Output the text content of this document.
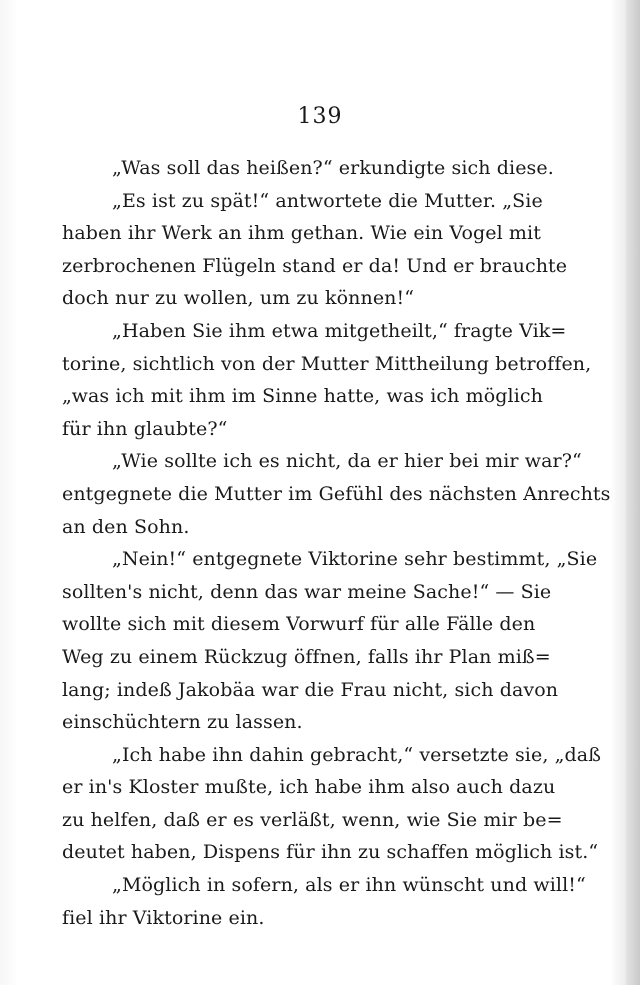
139
„Was soll das heißen?“ erkundigte sich diese.
„Es ist zu spät!“ antwortete die Mutter. „Sie
haben ihr Werk an ihm gethan. Wie ein Vogel mit
zerbrochenen Flügeln stand er da! Und er brauchte
doch nur zu wollen, um zu können!“
„Haben Sie ihm etwa mitgetheilt,“ fragte Vik=
torine, sichtlich von der Mutter Mittheilung betroffen,
„was ich mit ihm im Sinne hatte, was ich möglich
für ihn glaubte?“
„Wie sollte ich es nicht, da er hier bei mir war?“
entgegnete die Mutter im Gefühl des nächsten Anrechts
an den Sohn.
„Nein!“ entgegnete Viktorine sehr bestimmt, „Sie
sollten's nicht, denn das war meine Sache!“ — Sie
wollte sich mit diesem Vorwurf für alle Fälle den
Weg zu einem Rückzug öffnen, falls ihr Plan miß=
lang; indeß Jakobäa war die Frau nicht, sich davon
einschüchtern zu lassen.
„Ich habe ihn dahin gebracht,“ versetzte sie, „daß
er in's Kloster mußte, ich habe ihm also auch dazu
zu helfen, daß er es verläßt, wenn, wie Sie mir be=
deutet haben, Dispens für ihn zu schaffen möglich ist.“
„Möglich in sofern, als er ihn wünscht und will!“
fiel ihr Viktorine ein.
